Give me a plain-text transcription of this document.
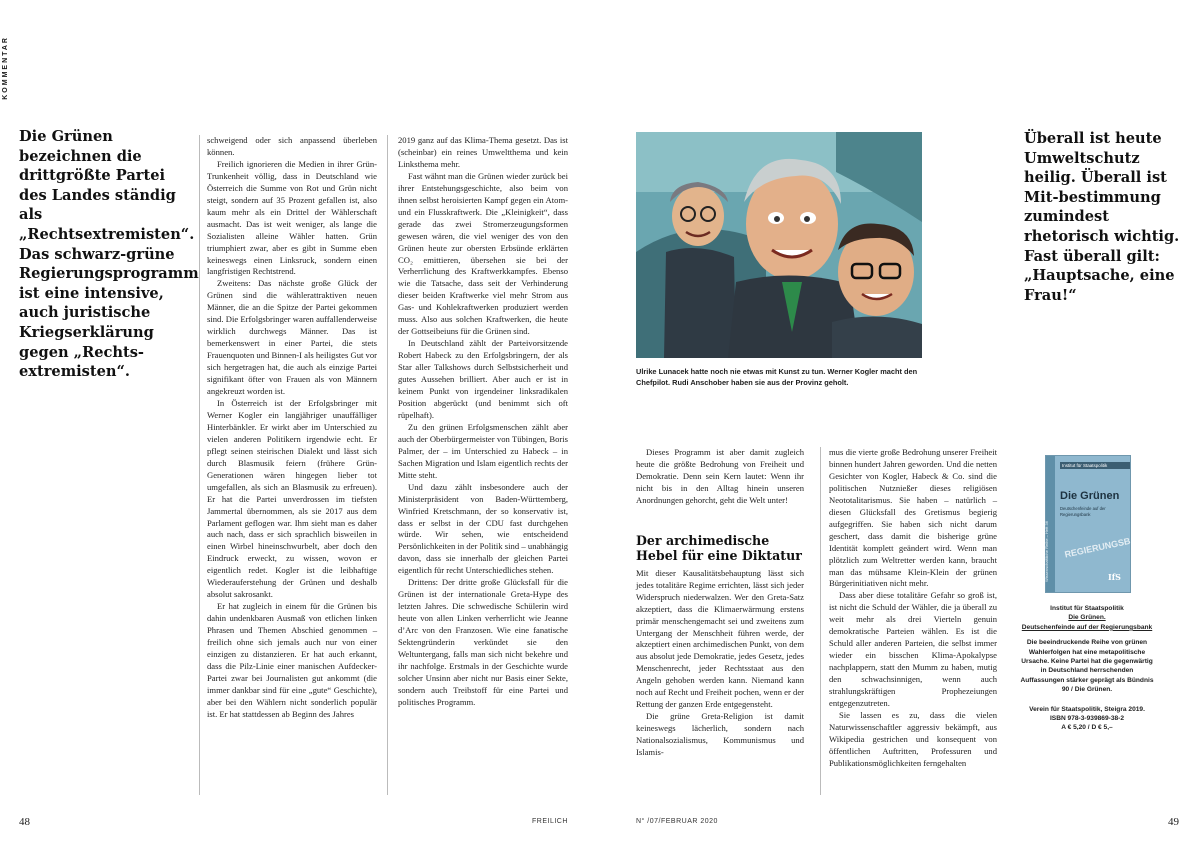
KOMMENTAR
Die Grünen bezeichnen die drittgrößte Partei des Landes ständig als „Rechtsextremisten“. Das schwarz-grüne Regierungsprogramm ist eine intensive, auch juristische Kriegserklärung gegen „Rechts-extremisten“.

schweigend oder sich anpassend überleben können.

Freilich ignorieren die Medien in ihrer Grün-Trunkenheit völlig, dass in Deutschland wie Österreich die Summe von Rot und Grün nicht steigt, sondern auf 35 Prozent gefallen ist, also kaum mehr als ein Drittel der Wählerschaft ausmacht. Das ist weit weniger, als lange die Sozialisten alleine Wähler hatten. Grün triumphiert zwar, aber es gibt in Summe eben keineswegs einen Linksruck, sondern einen langfristigen Rechtstrend.

Zweitens: Das nächste große Glück der Grünen sind die wählerattraktiven neuen Männer, die an die Spitze der Partei gekommen sind. Die Erfolgsbringer waren auffallenderweise wirklich durchwegs Männer. Das ist bemerkenswert in einer Partei, die stets Frauenquoten und Binnen-I als heiligstes Gut vor sich hergetragen hat, die auch als einzige Partei signifikant öfter von Frauen als von Männern angekreuzt worden ist.

In Österreich ist der Erfolgsbringer mit Werner Kogler ein langjähriger unauffälliger Hinterbänkler. Er wirkt aber im Unterschied zu vielen anderen Politikern irgendwie echt. Er pflegt seinen steirischen Dialekt und lässt sich durch Blasmusik feiern (frühere Grün-Generationen wären hingegen lieber tot umgefallen, als sich an Blasmusik zu erfreuen). Er hat die Partei unverdrossen im tiefsten Jammertal übernommen, als sie 2017 aus dem Parlament geflogen war. Ihm sieht man es daher auch nach, dass er sich sprachlich bisweilen in einen Wirbel hineinschwurbelt, aber doch den Eindruck erweckt, zu wissen, wovon er eigentlich redet. Kogler ist die leibhaftige Wiederauferstehung der Grünen und deshalb absolut sakrosankt.

Er hat zugleich in einem für die Grünen bis dahin undenkbaren Ausmaß von etlichen linken Phrasen und Themen Abschied genommen – freilich ohne sich jemals auch nur von einer einzigen zu distanzieren. Er hat auch erkannt, dass die Pilz-Linie einer manischen Aufdecker-Partei zwar bei Journalisten gut ankommt (die immer dankbar sind für eine „gute“ Geschichte), aber bei den Wählern nicht sonderlich populär ist. Er hat stattdessen ab Beginn des Jahres

2019 ganz auf das Klima-Thema gesetzt. Das ist (scheinbar) ein reines Umweltthema und kein Linksthema mehr.

Fast wähnt man die Grünen wieder zurück bei ihrer Entstehungsgeschichte, also beim von ihnen selbst heroisierten Kampf gegen ein Atom- und ein Flusskraftwerk. Die „Kleinigkeit“, dass gerade das zwei Stromerzeugungsformen gewesen wären, die viel weniger des von den Grünen heute zur obersten Erbsünde erklärten CO₂ emittieren, übersehen sie bei der Verherrlichung des Kraftwerkkampfes. Ebenso wie die Tatsache, dass seit der Verhinderung dieser beiden Kraftwerke viel mehr Strom aus Gas- und Kohlekraftwerken produziert werden muss. Also aus solchen Kraftwerken, die heute der Gottseibeiuns für die Grünen sind.

In Deutschland zählt der Parteivorsitzende Robert Habeck zu den Erfolgsbringern, der als Star aller Talkshows durch Selbstsicherheit und gutes Aussehen brilliert. Aber auch er ist in keinem Punkt von irgendeiner linksradikalen Position abgerückt (und benimmt sich oft rüpelhaft).

Zu den grünen Erfolgsmenschen zählt aber auch der Oberbürgermeister von Tübingen, Boris Palmer, der – im Unterschied zu Habeck – in Sachen Migration und Islam eigentlich rechts der Mitte steht.

Und dazu zählt insbesondere auch der Ministerpräsident von Baden-Württemberg, Winfried Kretschmann, der so konservativ ist, dass er selbst in der CDU fast durchgehen würde. Wir sehen, wie entscheidend Persönlichkeiten in der Politik sind – unabhängig davon, dass sie innerhalb der gleichen Partei eigentlich für recht Unterschiedliches stehen.

Drittens: Der dritte große Glücksfall für die Grünen ist der internationale Greta-Hype des letzten Jahres. Die schwedische Schülerin wird heute von allen Linken verherrlicht wie Jeanne d’Arc von den Franzosen. Wie eine fanatische Sektengründerin verkündet sie den Weltuntergang, falls man sich nicht bekehre und ihr nachfolge. Erstmals in der Geschichte wurde solcher Unsinn aber nicht nur Basis einer Sekte, sondern auch Treibstoff für eine Partei und politisches Programm.

Ulrike Lunacek hatte noch nie etwas mit Kunst zu tun. Werner Kogler macht den Chefpilot. Rudi Anschober haben sie aus der Provinz geholt.

Dieses Programm ist aber damit zugleich heute die größte Bedrohung von Freiheit und Demokratie. Denn sein Kern lautet: Wenn ihr nicht bis in den Alltag hinein unseren Anordnungen gehorcht, geht die Welt unter!

Der archimedische Hebel für eine Diktatur

Mit dieser Kausalitätsbehauptung lässt sich jedes totalitäre Regime errichten, lässt sich jeder Widerspruch niederwalzen. Wer den Greta-Satz akzeptiert, dass die Klimaerwärmung erstens primär menschengemacht sei und zweitens zum Untergang der Menschheit führen werde, der akzeptiert einen archimedischen Punkt, von dem aus absolut jede Demokratie, jedes Gesetz, jedes Menschenrecht, jeder Rechtsstaat aus den Angeln gehoben werden kann. Niemand kann noch auf Recht und Freiheit pochen, wenn er der Rettung der ganzen Erde entgegensteht.

Die grüne Greta-Religion ist damit keineswegs lächerlich, sondern nach Nationalsozialismus, Kommunismus und Islamis-

mus die vierte große Bedrohung unserer Freiheit binnen hundert Jahren geworden. Und die netten Gesichter von Kogler, Habeck & Co. sind die politischen Nutznießer dieses religiösen Neototalitarismus. Sie haben – natürlich – diesen Glücksfall des Gretismus begierig aufgegriffen. Sie haben sich nicht darum geschert, dass damit die bisherige grüne Identität komplett geändert wird. Wenn man plötzlich zum Weltretter werden kann, braucht man das mühsame Klein-Klein der grünen Bürgerinitiativen nicht mehr.

Dass aber diese totalitäre Gefahr so groß ist, ist nicht die Schuld der Wähler, die ja überall zu weit mehr als drei Vierteln genuin demokratische Parteien wählen. Es ist die Schuld aller anderen Parteien, die selbst immer wieder ein bisschen Klima-Apokalypse nachplappern, statt den Mumm zu haben, mutig den schwachsinnigen, wenn auch strahlungskräftigen Prophezeiungen entgegenzutreten.

Sie lassen es zu, dass die vielen Naturwissenschaftler aggressiv bekämpft, aus Wikipedia gestrichen und konsequent von öffentlichen Auftritten, Professuren und Publikationsmöglichkeiten ferngehalten

Überall ist heute Umweltschutz heilig. Überall ist Mit-bestimmung zumindest rhetorisch wichtig. Fast überall gilt: „Hauptsache, eine Frau!“
Wissenschaftliche Reihe – Heft 36
Institut für Staatspolitik
Die Grünen
Deutschenfeinde auf der Regierungsbank
REGIERUNGSBANK
IfS
Institut für Staatspolitik
Die Grünen.
Deutschenfeinde auf der Regierungsbank
Die beeindruckende Reihe von grünen Wahlerfolgen hat eine metapolitische Ursache. Keine Partei hat die gegenwärtig in Deutschland herrschenden Auffassungen stärker geprägt als Bündnis 90 / Die Grünen.
Verein für Staatspolitik, Steigra 2019.
ISBN 978-3-939869-38-2
A € 5,20 / D € 5,–
48	FREILICH	N° /07/FEBRUAR 2020	49
